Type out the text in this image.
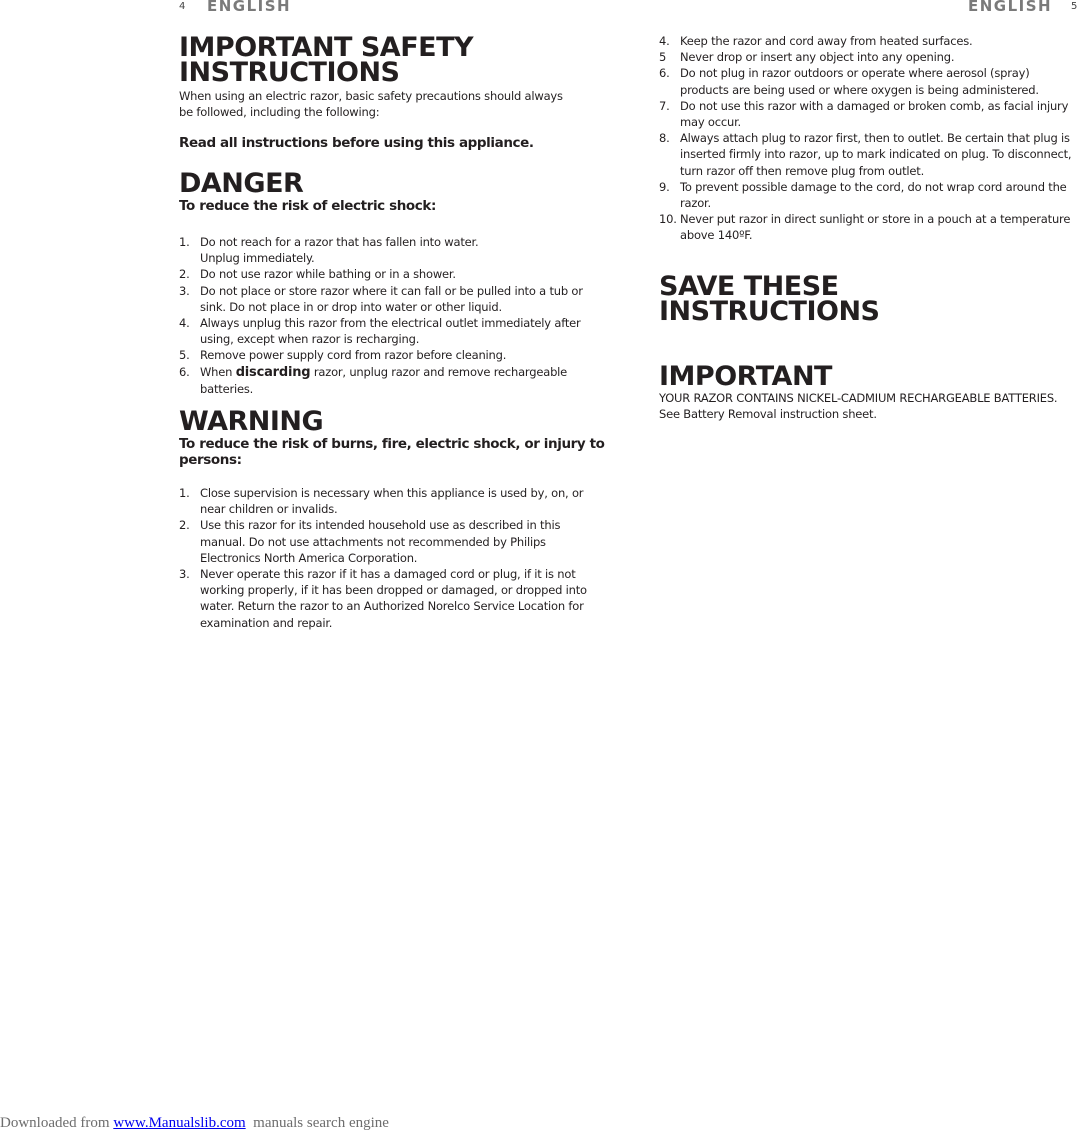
4 ENGLISH	ENGLISH 5
IMPORTANT SAFETY
INSTRUCTIONS
When using an electric razor, basic safety precautions should always be followed, including the following:
Read all instructions before using this appliance.
DANGER
To reduce the risk of electric shock:
1. Do not reach for a razor that has fallen into water.
Unplug immediately.
2. Do not use razor while bathing or in a shower.
3. Do not place or store razor where it can fall or be pulled into a tub or sink. Do not place in or drop into water or other liquid.
4. Always unplug this razor from the electrical outlet immediately after using, except when razor is recharging.
5. Remove power supply cord from razor before cleaning.
6. When discarding razor, unplug razor and remove rechargeable batteries.
WARNING
To reduce the risk of burns, fire, electric shock, or injury to persons:
1. Close supervision is necessary when this appliance is used by, on, or near children or invalids.
2. Use this razor for its intended household use as described in this manual. Do not use attachments not recommended by Philips Electronics North America Corporation.
3. Never operate this razor if it has a damaged cord or plug, if it is not working properly, if it has been dropped or damaged, or dropped into water. Return the razor to an Authorized Norelco Service Location for examination and repair.
4. Keep the razor and cord away from heated surfaces.
5 Never drop or insert any object into any opening.
6. Do not plug in razor outdoors or operate where aerosol (spray) products are being used or where oxygen is being administered.
7. Do not use this razor with a damaged or broken comb, as facial injury may occur.
8. Always attach plug to razor first, then to outlet. Be certain that plug is inserted firmly into razor, up to mark indicated on plug. To disconnect, turn razor off then remove plug from outlet.
9. To prevent possible damage to the cord, do not wrap cord around the razor.
10. Never put razor in direct sunlight or store in a pouch at a temperature above 140ºF.
SAVE THESE
INSTRUCTIONS
IMPORTANT
YOUR RAZOR CONTAINS NICKEL-CADMIUM RECHARGEABLE BATTERIES. See Battery Removal instruction sheet.
Downloaded from www.Manualslib.com  manuals search engine
